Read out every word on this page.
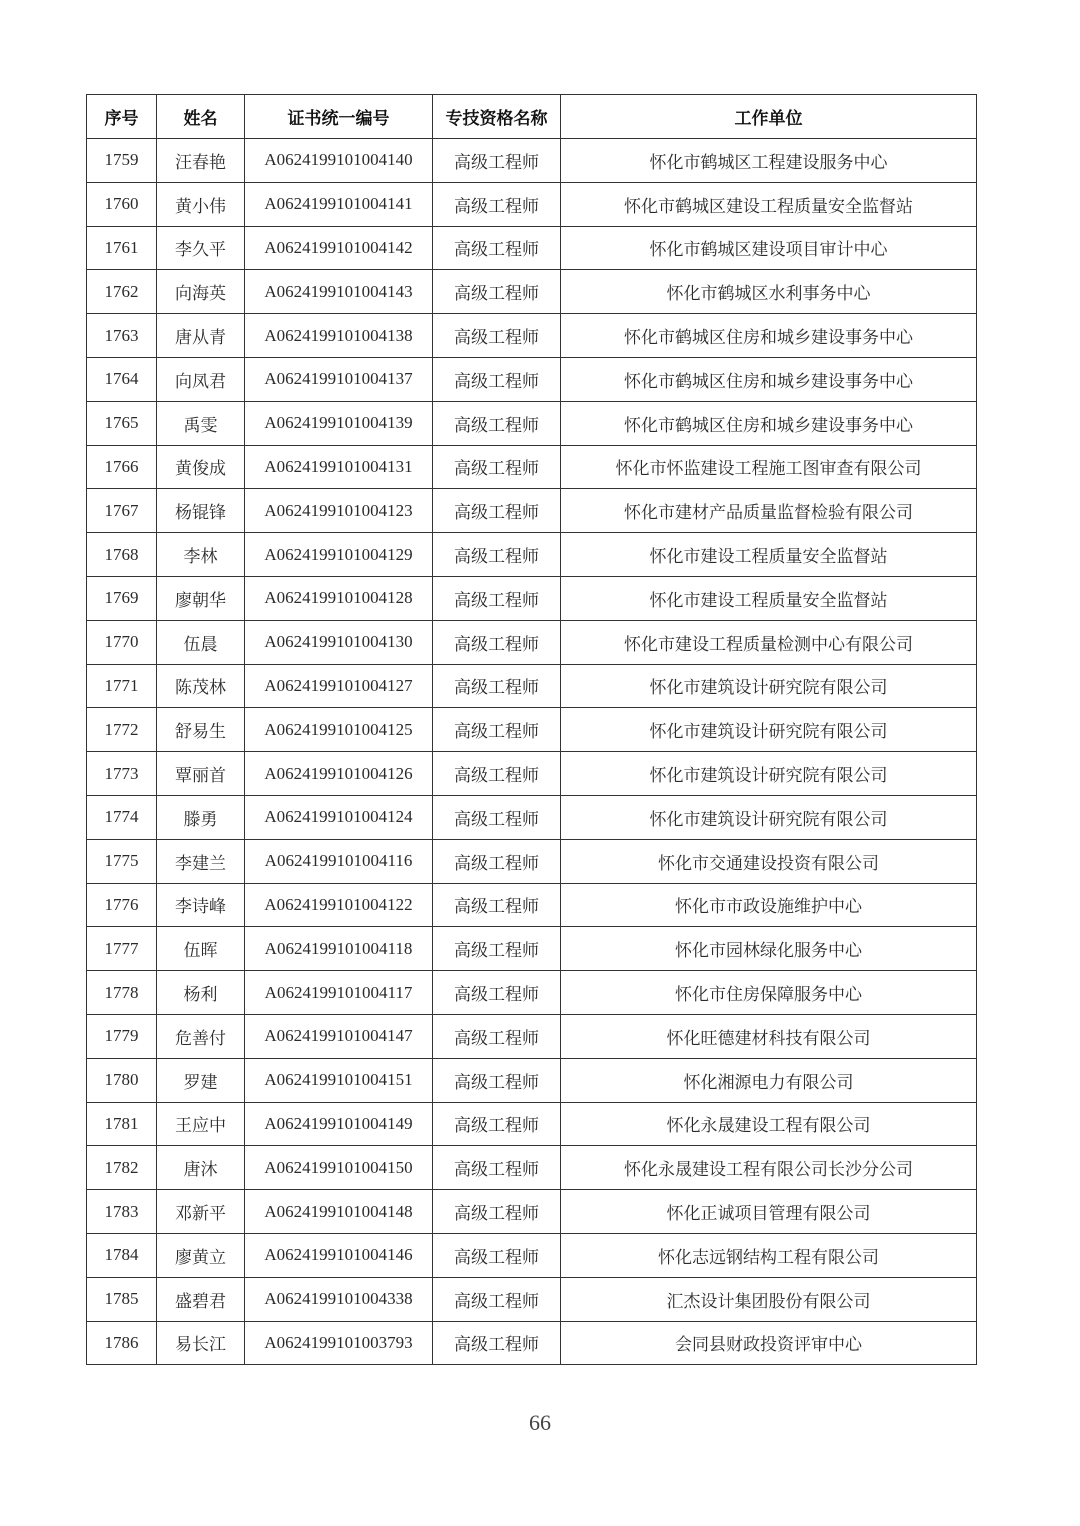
序号	姓名	证书统一编号	专技资格名称	工作单位
1759	汪春艳	A0624199101004140	高级工程师	怀化市鹤城区工程建设服务中心
1760	黄小伟	A0624199101004141	高级工程师	怀化市鹤城区建设工程质量安全监督站
1761	李久平	A0624199101004142	高级工程师	怀化市鹤城区建设项目审计中心
1762	向海英	A0624199101004143	高级工程师	怀化市鹤城区水利事务中心
1763	唐从青	A0624199101004138	高级工程师	怀化市鹤城区住房和城乡建设事务中心
1764	向凤君	A0624199101004137	高级工程师	怀化市鹤城区住房和城乡建设事务中心
1765	禹雯	A0624199101004139	高级工程师	怀化市鹤城区住房和城乡建设事务中心
1766	黄俊成	A0624199101004131	高级工程师	怀化市怀监建设工程施工图审查有限公司
1767	杨锟锋	A0624199101004123	高级工程师	怀化市建材产品质量监督检验有限公司
1768	李林	A0624199101004129	高级工程师	怀化市建设工程质量安全监督站
1769	廖朝华	A0624199101004128	高级工程师	怀化市建设工程质量安全监督站
1770	伍晨	A0624199101004130	高级工程师	怀化市建设工程质量检测中心有限公司
1771	陈茂林	A0624199101004127	高级工程师	怀化市建筑设计研究院有限公司
1772	舒易生	A0624199101004125	高级工程师	怀化市建筑设计研究院有限公司
1773	覃丽首	A0624199101004126	高级工程师	怀化市建筑设计研究院有限公司
1774	滕勇	A0624199101004124	高级工程师	怀化市建筑设计研究院有限公司
1775	李建兰	A0624199101004116	高级工程师	怀化市交通建设投资有限公司
1776	李诗峰	A0624199101004122	高级工程师	怀化市市政设施维护中心
1777	伍晖	A0624199101004118	高级工程师	怀化市园林绿化服务中心
1778	杨利	A0624199101004117	高级工程师	怀化市住房保障服务中心
1779	危善付	A0624199101004147	高级工程师	怀化旺德建材科技有限公司
1780	罗建	A0624199101004151	高级工程师	怀化湘源电力有限公司
1781	王应中	A0624199101004149	高级工程师	怀化永晟建设工程有限公司
1782	唐沐	A0624199101004150	高级工程师	怀化永晟建设工程有限公司长沙分公司
1783	邓新平	A0624199101004148	高级工程师	怀化正诚项目管理有限公司
1784	廖黄立	A0624199101004146	高级工程师	怀化志远钢结构工程有限公司
1785	盛碧君	A0624199101004338	高级工程师	汇杰设计集团股份有限公司
1786	易长江	A0624199101003793	高级工程师	会同县财政投资评审中心
66
